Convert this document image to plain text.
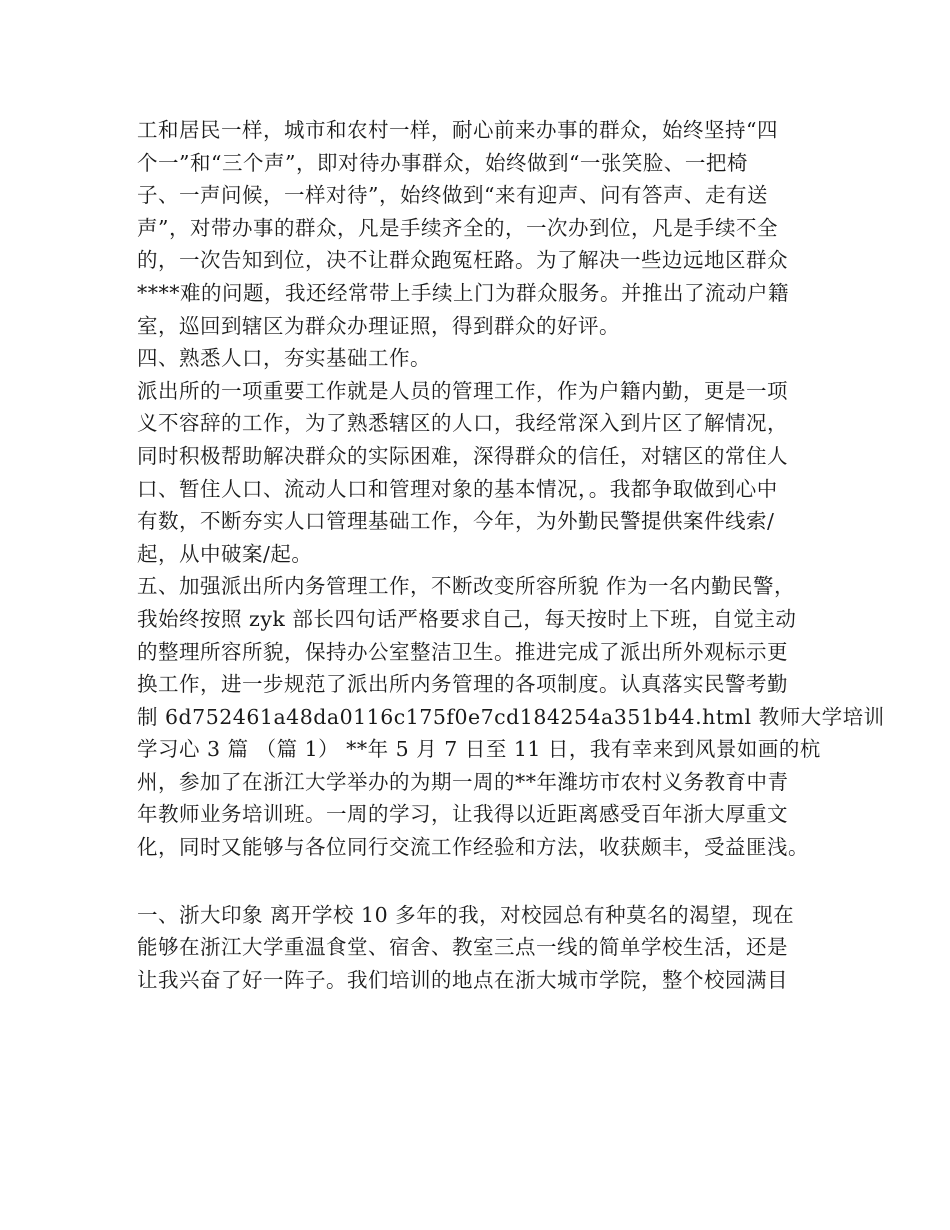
工和居民一样，城市和农村一样，耐心前来办事的群众，始终坚持“四
个一”和“三个声”，即对待办事群众，始终做到“一张笑脸、一把椅
子、一声问候，一样对待”，始终做到“来有迎声、问有答声、走有送
声”，对带办事的群众，凡是手续齐全的，一次办到位，凡是手续不全
的，一次告知到位，决不让群众跑冤枉路。为了解决一些边远地区群众
****难的问题，我还经常带上手续上门为群众服务。并推出了流动户籍
室，巡回到辖区为群众办理证照，得到群众的好评。
四、熟悉人口，夯实基础工作。
派出所的一项重要工作就是人员的管理工作，作为户籍内勤，更是一项
义不容辞的工作，为了熟悉辖区的人口，我经常深入到片区了解情况，
同时积极帮助解决群众的实际困难，深得群众的信任，对辖区的常住人
口、暂住人口、流动人口和管理对象的基本情况，。我都争取做到心中
有数，不断夯实人口管理基础工作，今年，为外勤民警提供案件线索/
起，从中破案/起。
五、加强派出所内务管理工作，不断改变所容所貌 作为一名内勤民警，
我始终按照 zyk 部长四句话严格要求自己，每天按时上下班，自觉主动
的整理所容所貌，保持办公室整洁卫生。推进完成了派出所外观标示更
换工作，进一步规范了派出所内务管理的各项制度。认真落实民警考勤
制 6d752461a48da0116c175f0e7cd184254a351b44.html 教师大学培训
学习心 3 篇 （篇 1） **年 5 月 7 日至 11 日，我有幸来到风景如画的杭
州，参加了在浙江大学举办的为期一周的**年潍坊市农村义务教育中青
年教师业务培训班。一周的学习，让我得以近距离感受百年浙大厚重文
化，同时又能够与各位同行交流工作经验和方法，收获颇丰，受益匪浅。
一、浙大印象 离开学校 10 多年的我，对校园总有种莫名的渴望，现在
能够在浙江大学重温食堂、宿舍、教室三点一线的简单学校生活，还是
让我兴奋了好一阵子。我们培训的地点在浙大城市学院，整个校园满目
